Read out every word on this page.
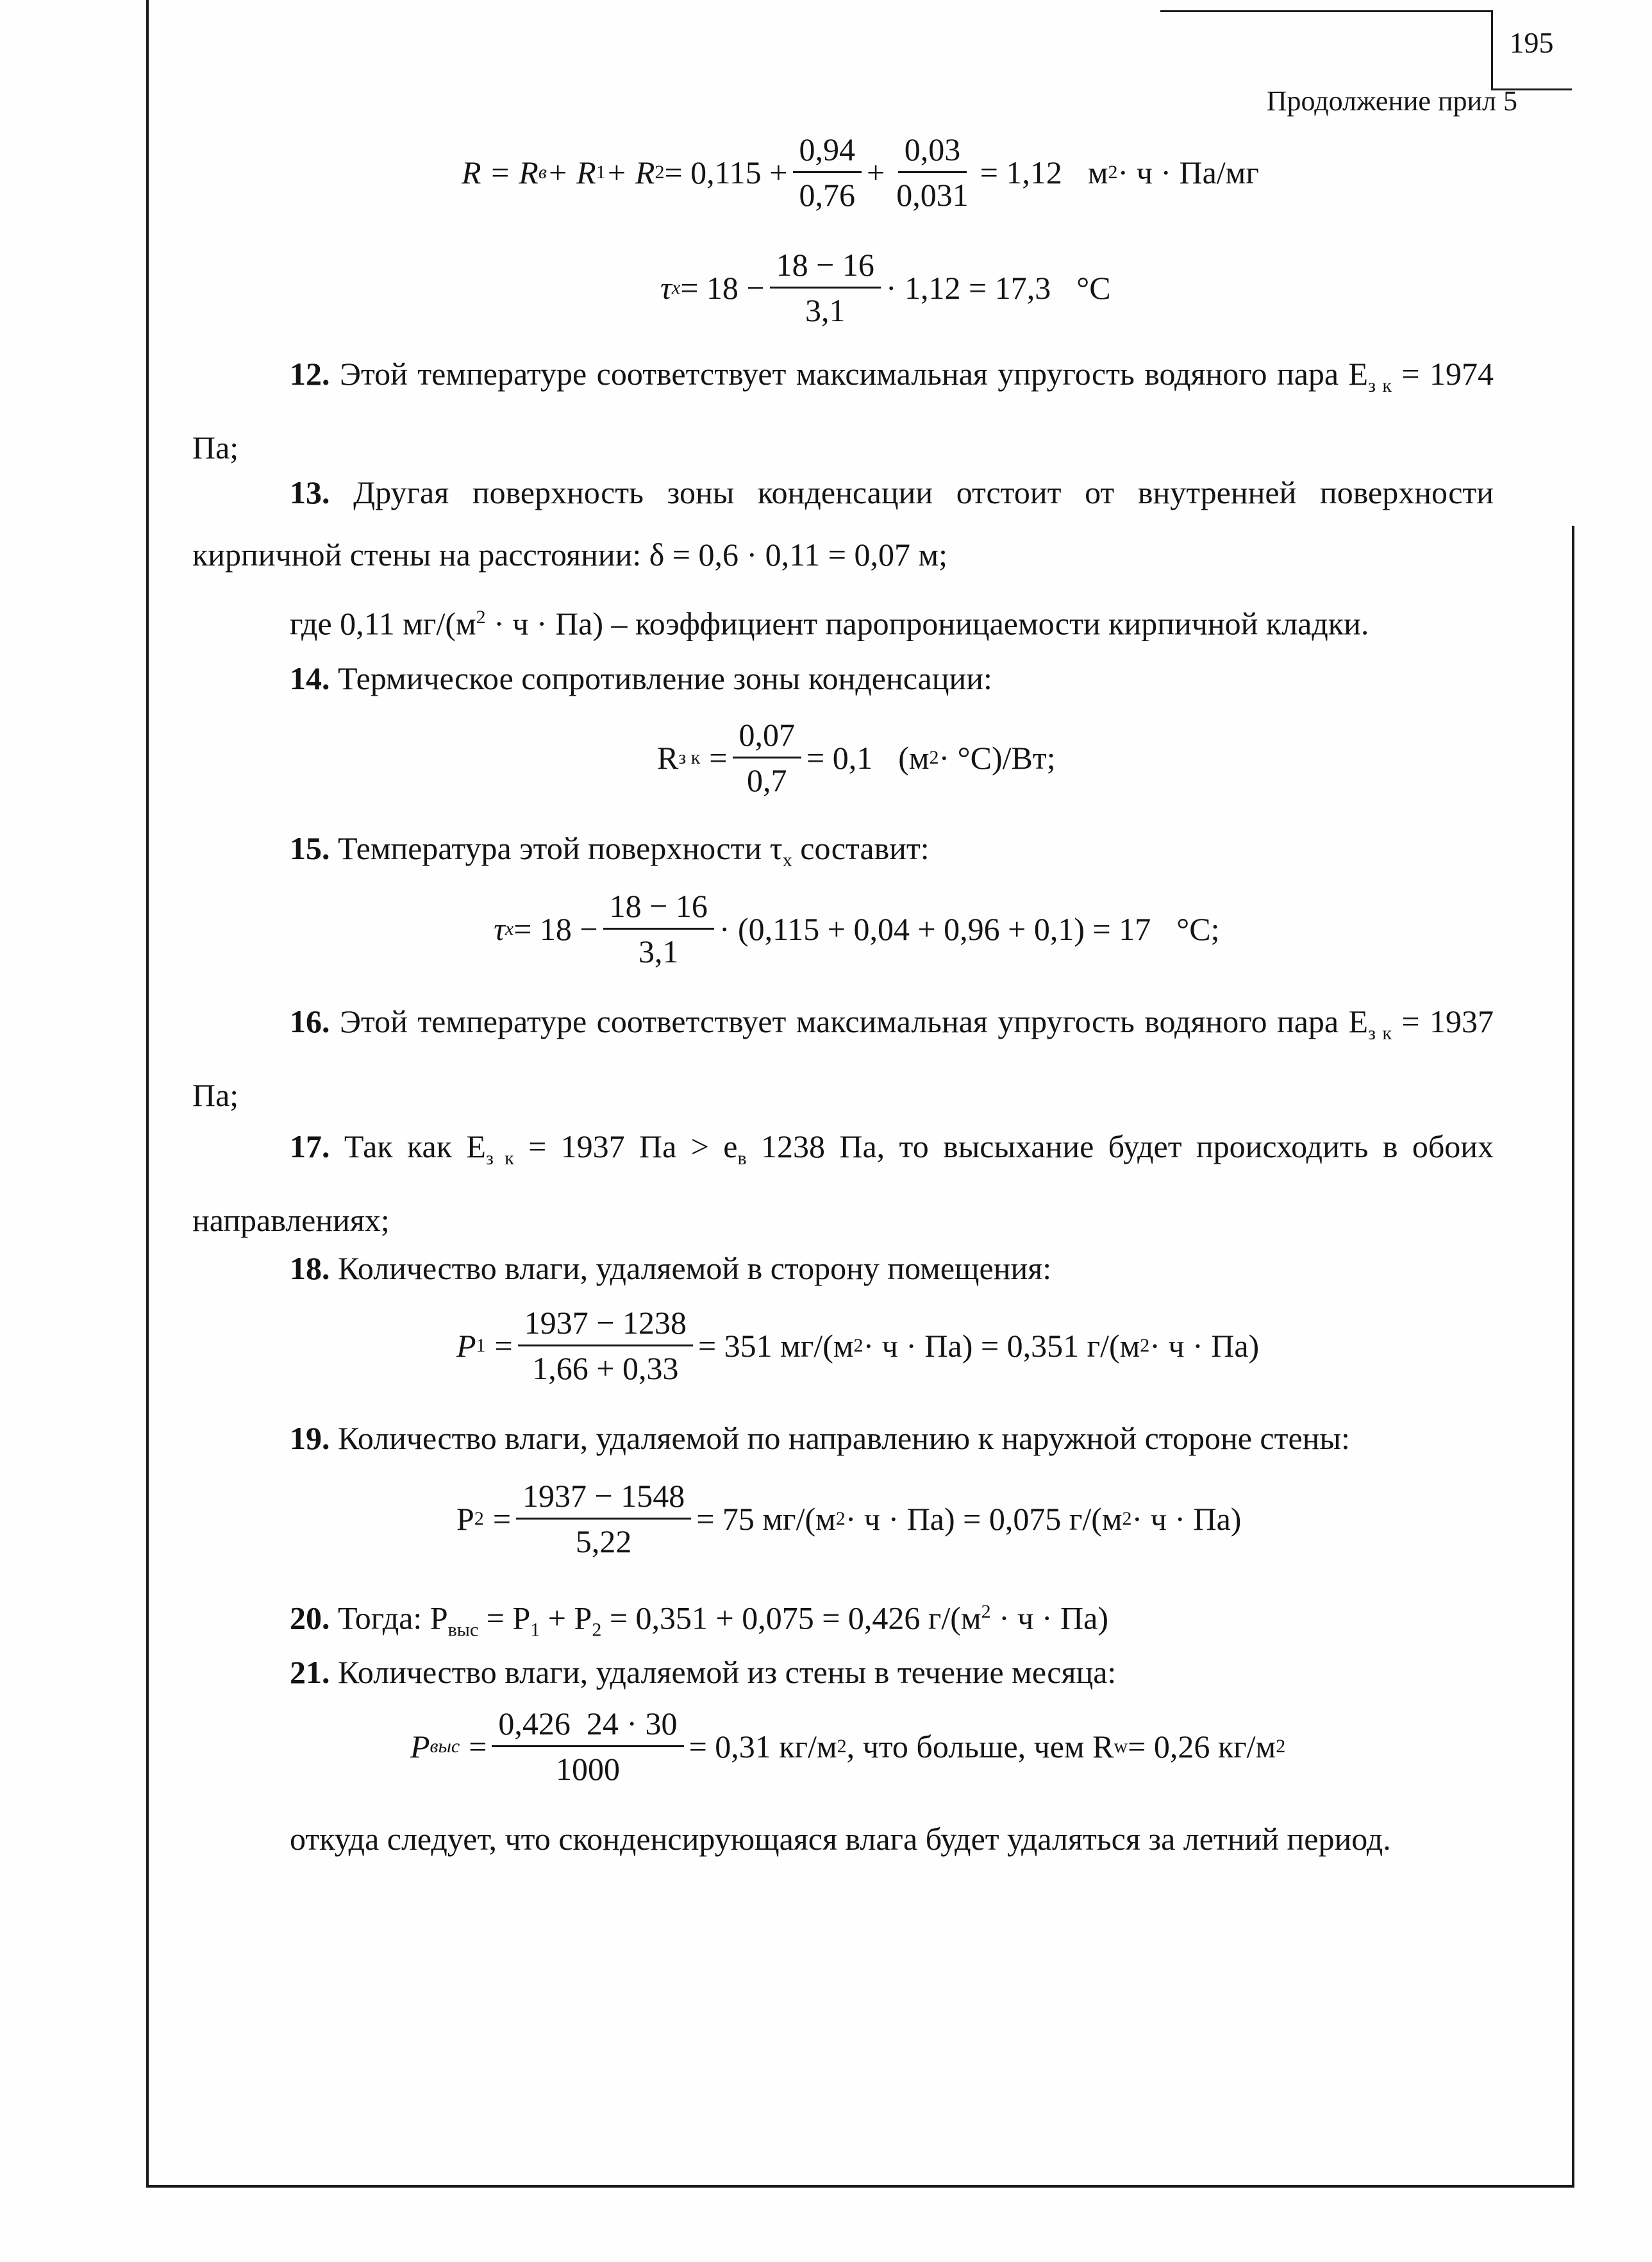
195
Продолжение прил 5
R = R в + R 1 + R $2 = 0,115 + \frac{0,94}{0,76} + \frac{0,03}{0,031} = 1,12$ м 2 · ч · Па/мг
τ $х = 18 - \frac{18 - 16}{3,1} \cdot 1,12 = 17,3$ °С

12. Этой температуре соответствует максимальная упругость водяного пара $Е_{з к} = 1974$ Па;

13. Другая поверхность зоны конденсации отстоит от внутренней поверхности кирпичной стены на расстоянии: δ = 0,6 · 0,11 = 0,07 м;

где 0,11 $мг/(м^2 \cdot ч \cdot Па)$ – коэффициент паропроницаемости кирпичной кладки.

14. Термическое сопротивление зоны конденсации:

R з $к = \frac{0,07}{0,7} = 0,1$ (м 2 · °С)/Вт;

15. Температура этой поверхности $\tau_х$ составит:

τ $х = 18 - \frac{18 - 16}{3,1} \cdot (0,115 + 0,04 + 0,96 + 0,1) = 17$ °С;

16. Этой температуре соответствует максимальная упругость водяного пара $Е_{з к} = 1937$ Па;

17. Так как $Е_{з к} = 1937$ Па > $е_в$ 1238 Па, то высыхание будет происходить в обоих направлениях;

18. Количество влаги, удаляемой в сторону помещения:

P $1 = \frac{1937 - 1238}{1,66 + 0,33} = 351$ мг/(м 2 · ч · Па) = 0,351 г/(м 2 · ч · Па)

19. Количество влаги, удаляемой по направлению к наружной стороне стены:

P $2 = \frac{1937 - 1548}{5,22} = 75$ мг/(м 2 · ч · Па) = 0,075 г/(м 2 · ч · Па)

20. Тогда: $Р_{выс} = Р_1 + Р_2 = 0,351 + 0,075 = 0,426$ $г/(м^2 \cdot ч \cdot Па)$

21. Количество влаги, удаляемой из стены в течение месяца:

P выс = $\frac{0,426 24 \cdot 30}{1000} = 0,31$ кг/м 2 , что больше, чем R w = 0,26 кг/м 2

откуда следует, что сконденсирующаяся влага будет удаляться за летний период.
